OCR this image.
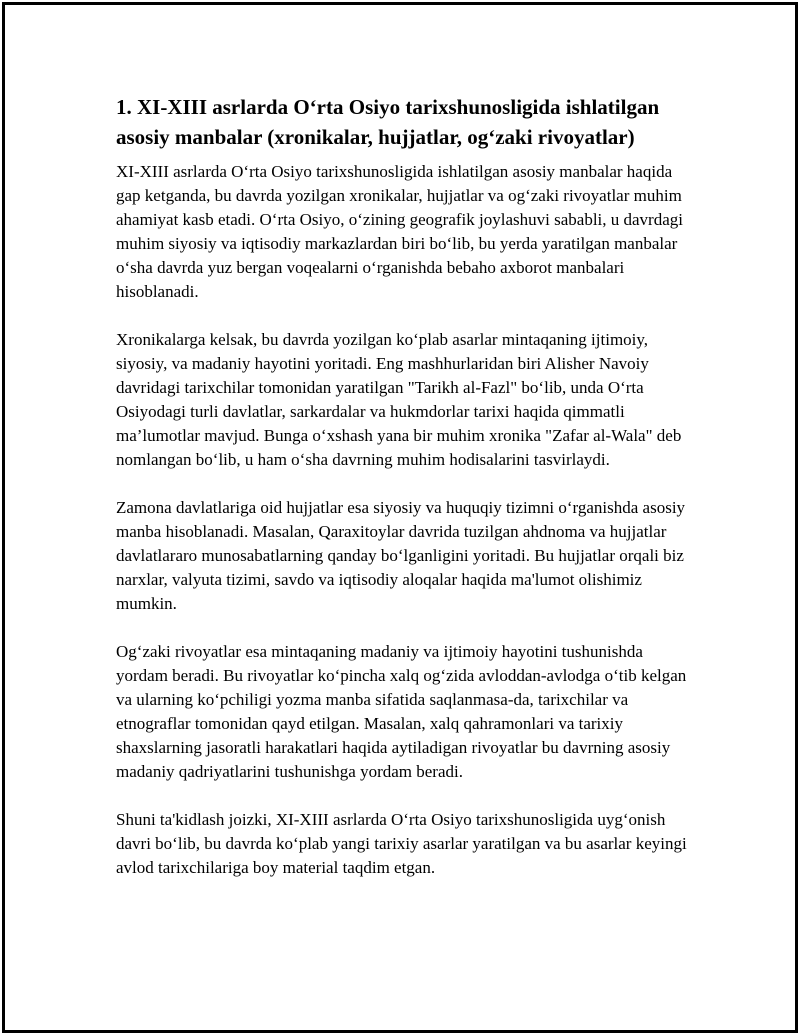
1. XI-XIII asrlarda O‘rta Osiyo tarixshunosligida ishlatilgan asosiy manbalar (xronikalar, hujjatlar, og‘zaki rivoyatlar)

XI-XIII asrlarda O‘rta Osiyo tarixshunosligida ishlatilgan asosiy manbalar haqida gap ketganda, bu davrda yozilgan xronikalar, hujjatlar va og‘zaki rivoyatlar muhim ahamiyat kasb etadi. O‘rta Osiyo, o‘zining geografik joylashuvi sababli, u davrdagi muhim siyosiy va iqtisodiy markazlardan biri bo‘lib, bu yerda yaratilgan manbalar o‘sha davrda yuz bergan voqealarni o‘rganishda bebaho axborot manbalari hisoblanadi.

Xronikalarga kelsak, bu davrda yozilgan ko‘plab asarlar mintaqaning ijtimoiy, siyosiy, va madaniy hayotini yoritadi. Eng mashhurlaridan biri Alisher Navoiy davridagi tarixchilar tomonidan yaratilgan "Tarikh al-Fazl" bo‘lib, unda O‘rta Osiyodagi turli davlatlar, sarkardalar va hukmdorlar tarixi haqida qimmatli ma’lumotlar mavjud. Bunga o‘xshash yana bir muhim xronika "Zafar al-Wala" deb nomlangan bo‘lib, u ham o‘sha davrning muhim hodisalarini tasvirlaydi.

Zamona davlatlariga oid hujjatlar esa siyosiy va huquqiy tizimni o‘rganishda asosiy manba hisoblanadi. Masalan, Qaraxitoylar davrida tuzilgan ahdnoma va hujjatlar davlatlararo munosabatlarning qanday bo‘lganligini yoritadi. Bu hujjatlar orqali biz narxlar, valyuta tizimi, savdo va iqtisodiy aloqalar haqida ma'lumot olishimiz mumkin.

Og‘zaki rivoyatlar esa mintaqaning madaniy va ijtimoiy hayotini tushunishda yordam beradi. Bu rivoyatlar ko‘pincha xalq og‘zida avloddan-avlodga o‘tib kelgan va ularning ko‘pchiligi yozma manba sifatida saqlanmasa-da, tarixchilar va etnograflar tomonidan qayd etilgan. Masalan, xalq qahramonlari va tarixiy shaxslarning jasoratli harakatlari haqida aytiladigan rivoyatlar bu davrning asosiy madaniy qadriyatlarini tushunishga yordam beradi.

Shuni ta'kidlash joizki, XI-XIII asrlarda O‘rta Osiyo tarixshunosligida uyg‘onish davri bo‘lib, bu davrda ko‘plab yangi tarixiy asarlar yaratilgan va bu asarlar keyingi avlod tarixchilariga boy material taqdim etgan.
